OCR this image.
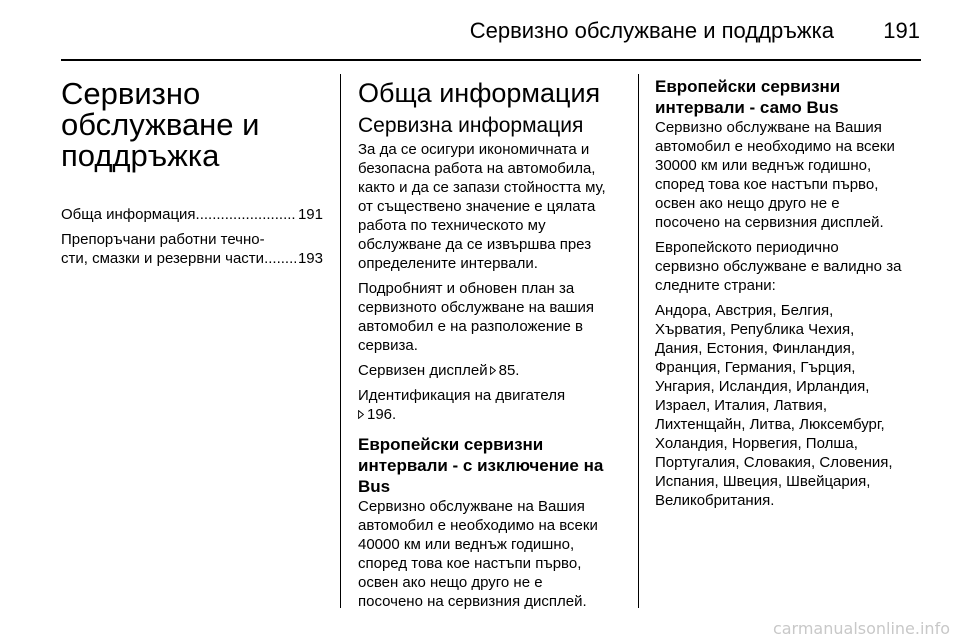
Сервизно обслужване и поддръжка 191
Сервизно
обслужване и
поддръжка
Обща информация .....	191
Препоръчани работни течно-
сти, смазки и резервни части ..... 193
Обща информация
Сервизна информация

За да се осигури икономичната и
безопасна работа на автомобила,
както и да се запази стойността му,
от съществено значение е цялата
работа по техническото му
обслужване да се извършва през
определените интервали.

Подробният и обновен план за
сервизното обслужване на вашия
автомобил е на разположение в
сервиза.

Сервизен дисплей 85.

Идентификация на двигателя
196.

Европейски сервизни
интервали - с изключение на
Bus

Сервизно обслужване на Вашия
автомобил е необходимо на всеки
40000 км или веднъж годишно,
според това кое настъпи първо,
освен ако нещо друго не е
посочено на сервизния дисплей.

Европейски сервизни
интервали - само Bus

Сервизно обслужване на Вашия
автомобил е необходимо на всеки
30000 км или веднъж годишно,
според това кое настъпи първо,
освен ако нещо друго не е
посочено на сервизния дисплей.

Европейското периодично
сервизно обслужване е валидно за
следните страни:

Андора, Австрия, Белгия,
Хърватия, Република Чехия,
Дания, Естония, Финландия,
Франция, Германия, Гърция,
Унгария, Исландия, Ирландия,
Израел, Италия, Латвия,
Лихтенщайн, Литва, Люксембург,
Холандия, Норвегия, Полша,
Португалия, Словакия, Словения,
Испания, Швеция, Швейцария,
Великобритания.

carmanualsonline.info
